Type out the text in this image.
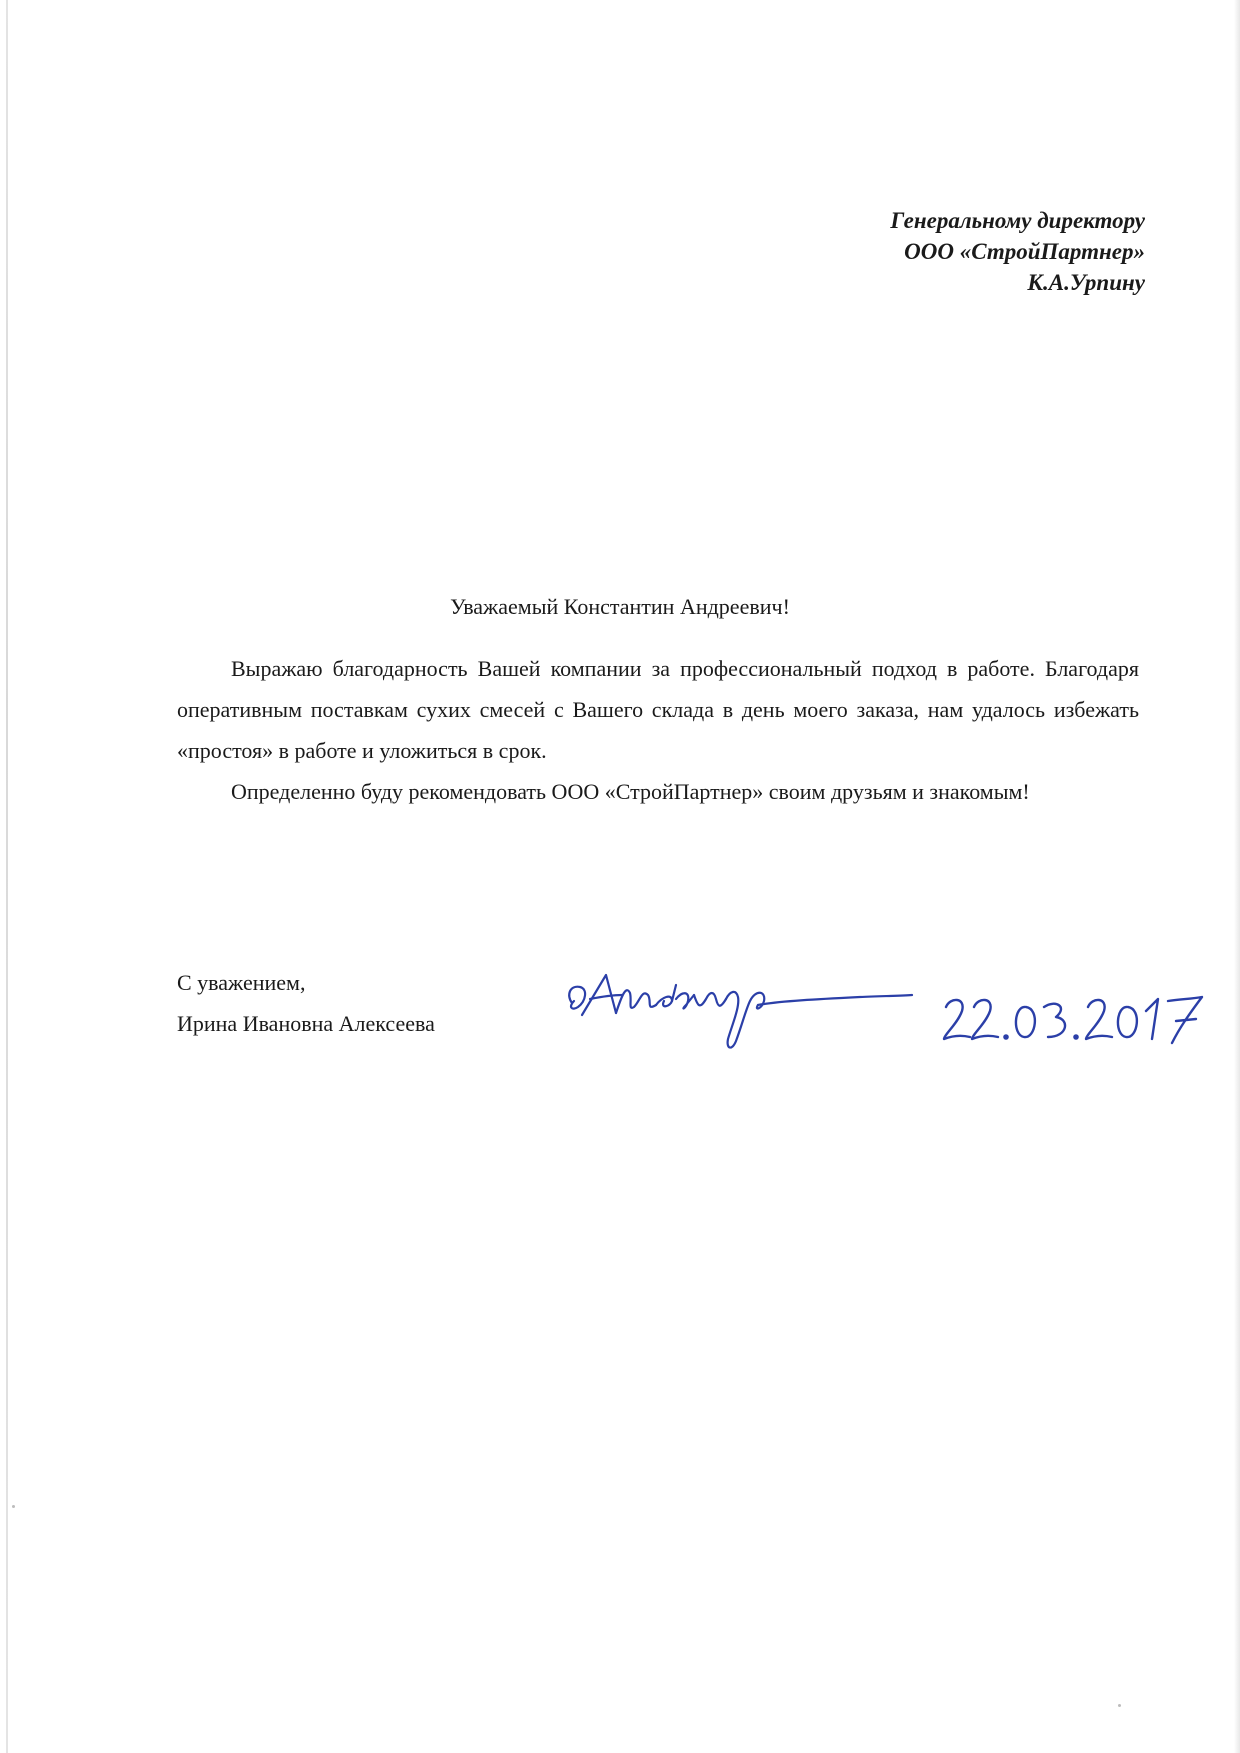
Генеральному директору
ООО «СтройПартнер»
К.А.Урпину
Уважаемый Константин Андреевич!

Выражаю благодарность Вашей компании за профессиональный подход в работе. Благодаря оперативным поставкам сухих смесей с Вашего склада в день моего заказа, нам удалось избежать «простоя» в работе и уложиться в срок.

Определенно буду рекомендовать ООО «СтройПартнер» своим друзьям и знакомым!

С уважением,
Ирина Ивановна Алексеева
